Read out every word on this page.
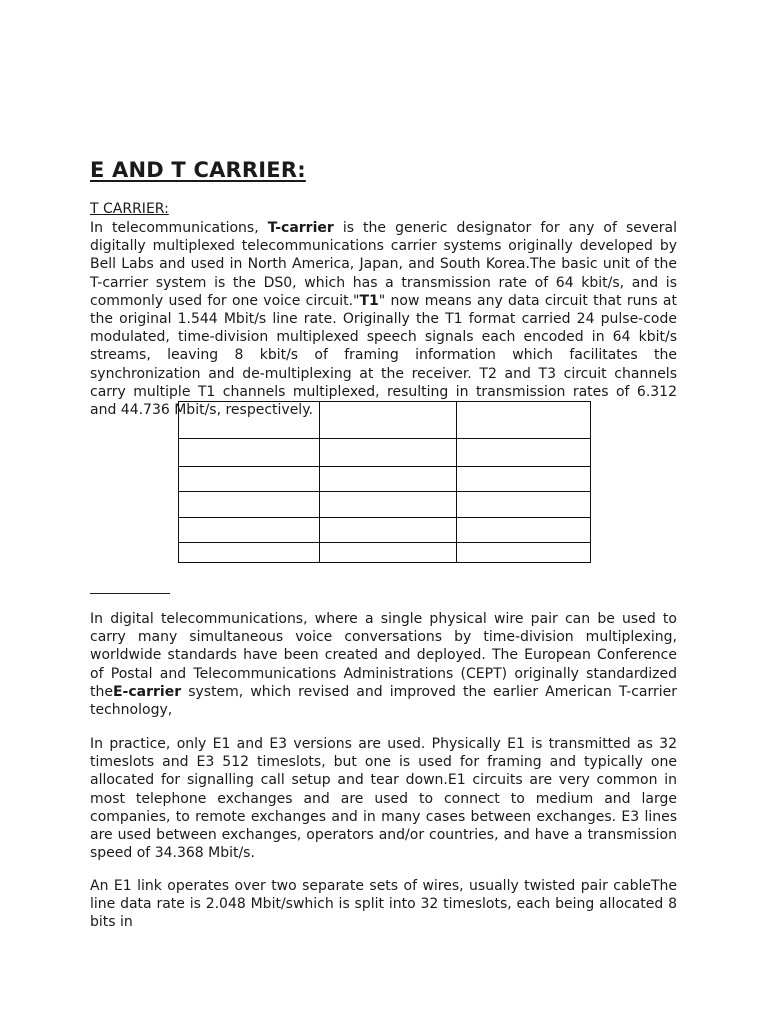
E AND T CARRIER:
T CARRIER:

In telecommunications, T-carrier is the generic designator for any of several digitally multiplexed telecommunications carrier systems originally developed by Bell Labs and used in North America, Japan, and South Korea.The basic unit of the T-carrier system is the DS0, which has a transmission rate of 64 kbit/s, and is commonly used for one voice circuit."T1" now means any data circuit that runs at the original 1.544 Mbit/s line rate. Originally the T1 format carried 24 pulse-code modulated, time-division multiplexed speech signals each encoded in 64 kbit/s streams, leaving 8 kbit/s of framing information which facilitates the synchronization and de-multiplexing at the receiver. T2 and T3 circuit channels carry multiple T1 channels multiplexed, resulting in transmission rates of 6.312 and 44.736 Mbit/s, respectively.

In digital telecommunications, where a single physical wire pair can be used to carry many simultaneous voice conversations by time-division multiplexing, worldwide standards have been created and deployed. The European Conference of Postal and Telecommunications Administrations (CEPT) originally standardized theE-carrier system, which revised and improved the earlier American T-carrier technology,

In practice, only E1 and E3 versions are used. Physically E1 is transmitted as 32 timeslots and E3 512 timeslots, but one is used for framing and typically one allocated for signalling call setup and tear down.E1 circuits are very common in most telephone exchanges and are used to connect to medium and large companies, to remote exchanges and in many cases between exchanges. E3 lines are used between exchanges, operators and/or countries, and have a transmission speed of 34.368 Mbit/s.

An E1 link operates over two separate sets of wires, usually twisted pair cableThe line data rate is 2.048 Mbit/swhich is split into 32 timeslots, each being allocated 8 bits in
